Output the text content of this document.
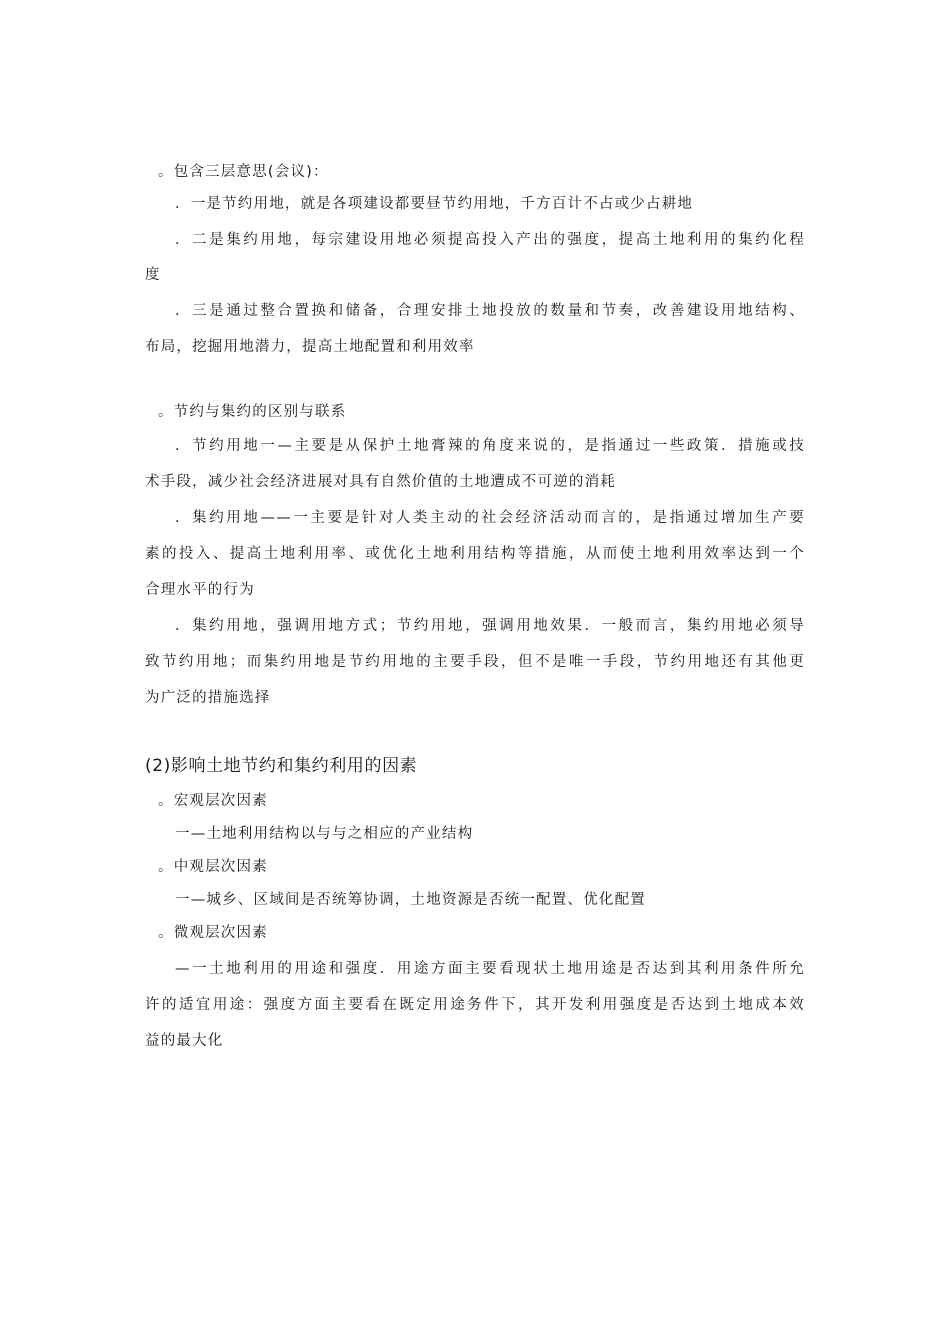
。包含三层意思(会议)：
．一是节约用地，就是各项建设都要昼节约用地，千方百计不占或少占耕地
．二是集约用地，每宗建设用地必须提高投入产出的强度，提高土地利用的集约化程
度
．三是通过整合置换和储备，合理安排土地投放的数量和节奏，改善建设用地结构、
布局，挖掘用地潜力，提高土地配置和利用效率
。节约与集约的区别与联系
．节约用地一—主要是从保护土地膏辣的角度来说的，是指通过一些政策．措施或技
术手段，减少社会经济进展对具有自然价值的土地遭成不可逆的消耗
．集约用地——一主要是针对人类主动的社会经济活动而言的，是指通过增加生产要
素的投入、提高土地利用率、或优化土地利用结构等措施，从而使土地利用效率达到一个
合理水平的行为
．集约用地，强调用地方式；节约用地，强调用地效果．一般而言，集约用地必须导
致节约用地；而集约用地是节约用地的主要手段，但不是唯一手段，节约用地还有其他更
为广泛的措施选择
(2)影响土地节约和集约利用的因素
。宏观层次因素
一—土地利用结构以与与之相应的产业结构
。中观层次因素
一—城乡、区域间是否统筹协调，土地资源是否统一配置、优化配置
。微观层次因素
—一土地利用的用途和强度．用途方面主要看现状土地用途是否达到其利用条件所允
许的适宜用途：强度方面主要看在既定用途务件下，其开发利用强度是否达到土地成本效
益的最大化
